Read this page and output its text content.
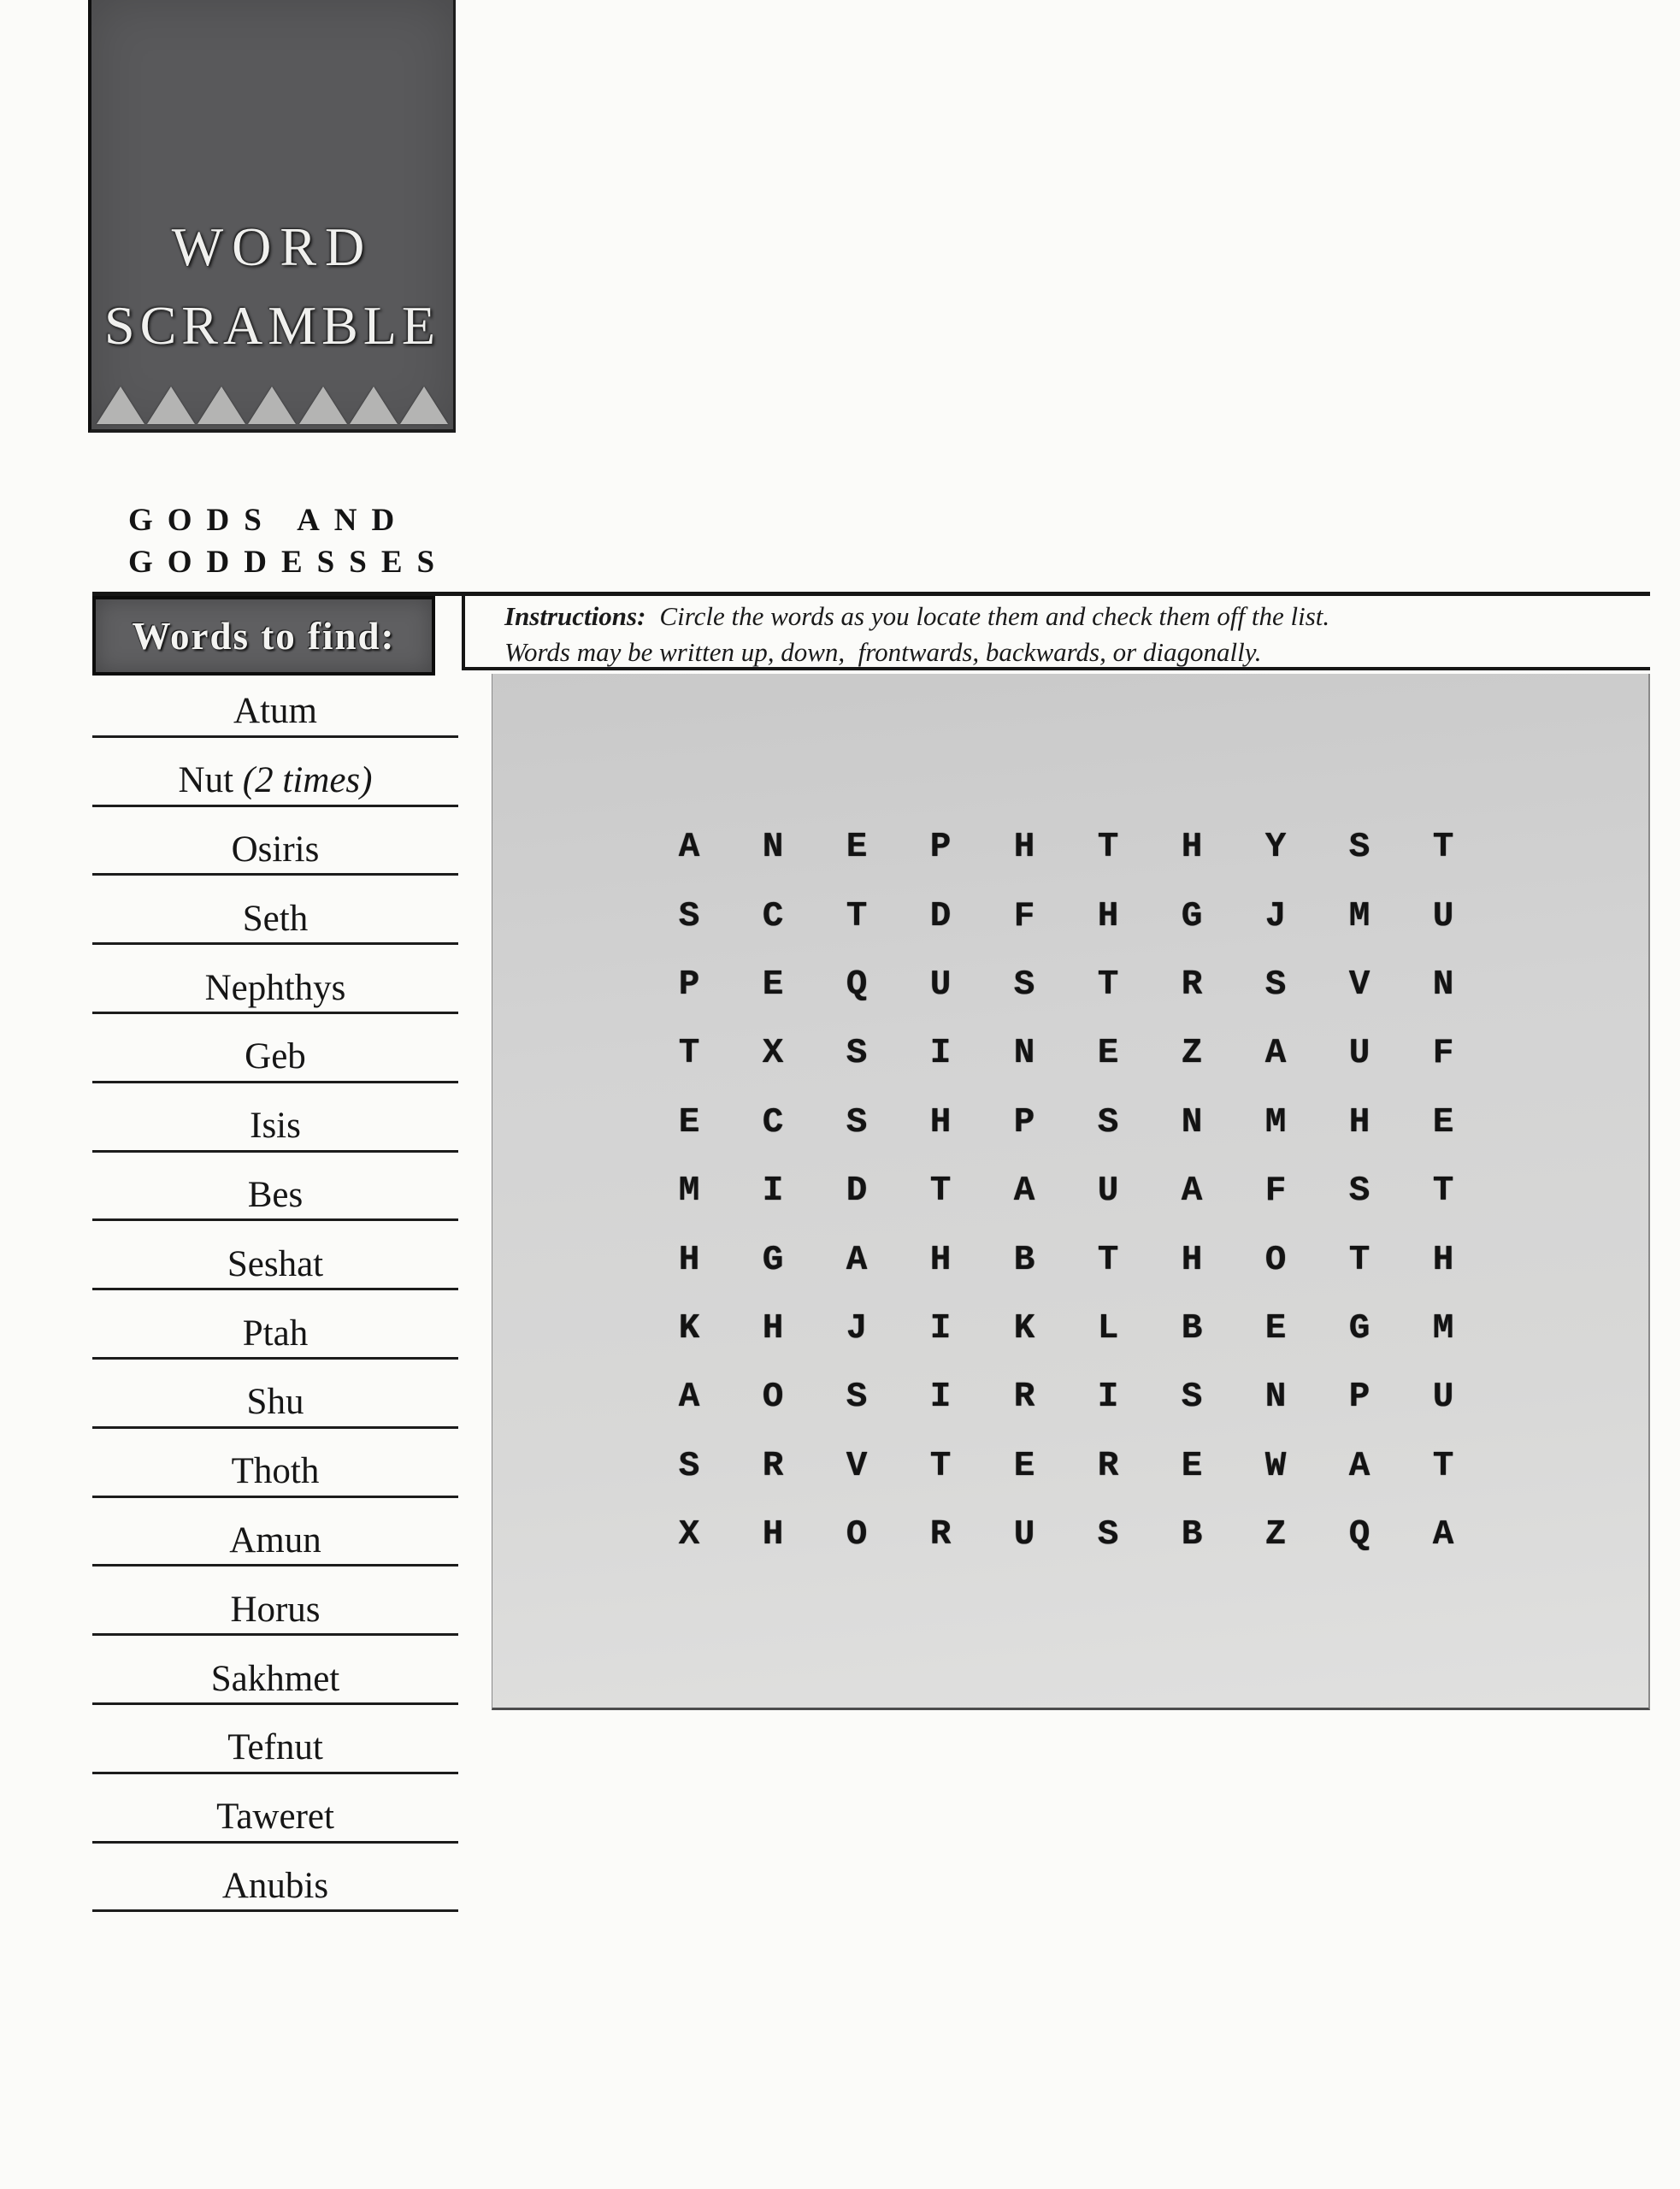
WORD
SCRAMBLE
GODS AND
GODDESSES
Words to find:	Instructions: Circle the words as you locate them and check them off the list.
Words may be written up, down,  frontwards, backwards, or diagonally.
Atum
Nut (2 times)
Osiris
Seth
Nephthys
Geb
Isis
Bes
Seshat
Ptah
Shu
Thoth
Amun
Horus
Sakhmet
Tefnut
Taweret
Anubis
A	N	E	P	H	T	H	Y	S	T
S	C	T	D	F	H	G	J	M	U
P	E	Q	U	S	T	R	S	V	N
T	X	S	I	N	E	Z	A	U	F
E	C	S	H	P	S	N	M	H	E
M	I	D	T	A	U	A	F	S	T
H	G	A	H	B	T	H	O	T	H
K	H	J	I	K	L	B	E	G	M
A	O	S	I	R	I	S	N	P	U
S	R	V	T	E	R	E	W	A	T
X	H	O	R	U	S	B	Z	Q	A
